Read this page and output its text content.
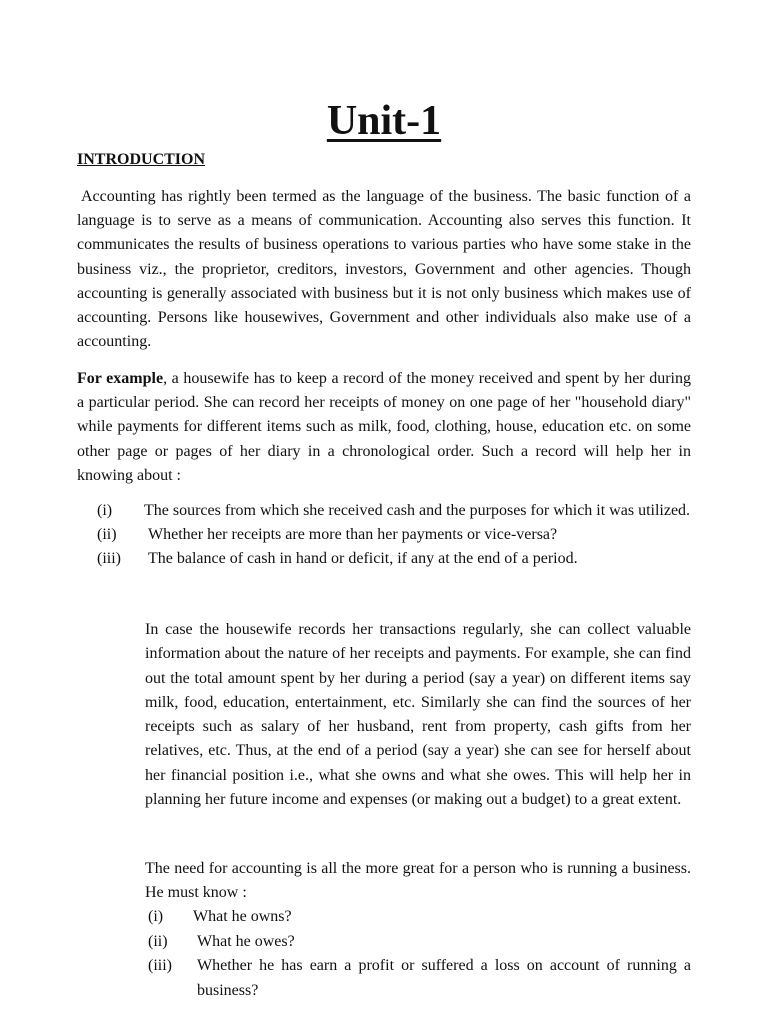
Unit-1
INTRODUCTION
Accounting has rightly been termed as the language of the business. The basic function of a language is to serve as a means of communication. Accounting also serves this function. It communicates the results of business operations to various parties who have some stake in the business viz., the proprietor, creditors, investors, Government and other agencies. Though accounting is generally associated with business but it is not only business which makes use of accounting. Persons like housewives, Government and other individuals also make use of a accounting.
For example, a housewife has to keep a record of the money received and spent by her during a particular period. She can record her receipts of money on one page of her "household diary" while payments for different items such as milk, food, clothing, house, education etc. on some other page or pages of her diary in a chronological order. Such a record will help her in knowing about :
(i)	The sources from which she received cash and the purposes for which it was utilized.
(ii)	Whether her receipts are more than her payments or vice-versa?
(iii)	The balance of cash in hand or deficit, if any at the end of a period.
In case the housewife records her transactions regularly, she can collect valuable information about the nature of her receipts and payments. For example, she can find out the total amount spent by her during a period (say a year) on different items say milk, food, education, entertainment, etc. Similarly she can find the sources of her receipts such as salary of her husband, rent from property, cash gifts from her relatives, etc. Thus, at the end of a period (say a year) she can see for herself about her financial position i.e., what she owns and what she owes. This will help her in planning her future income and expenses (or making out a budget) to a great extent.
The need for accounting is all the more great for a person who is running a business. He must know :
(i)	What he owns?
(ii)	What he owes?
(iii)	Whether he has earn a profit or suffered a loss on account of running a business?
